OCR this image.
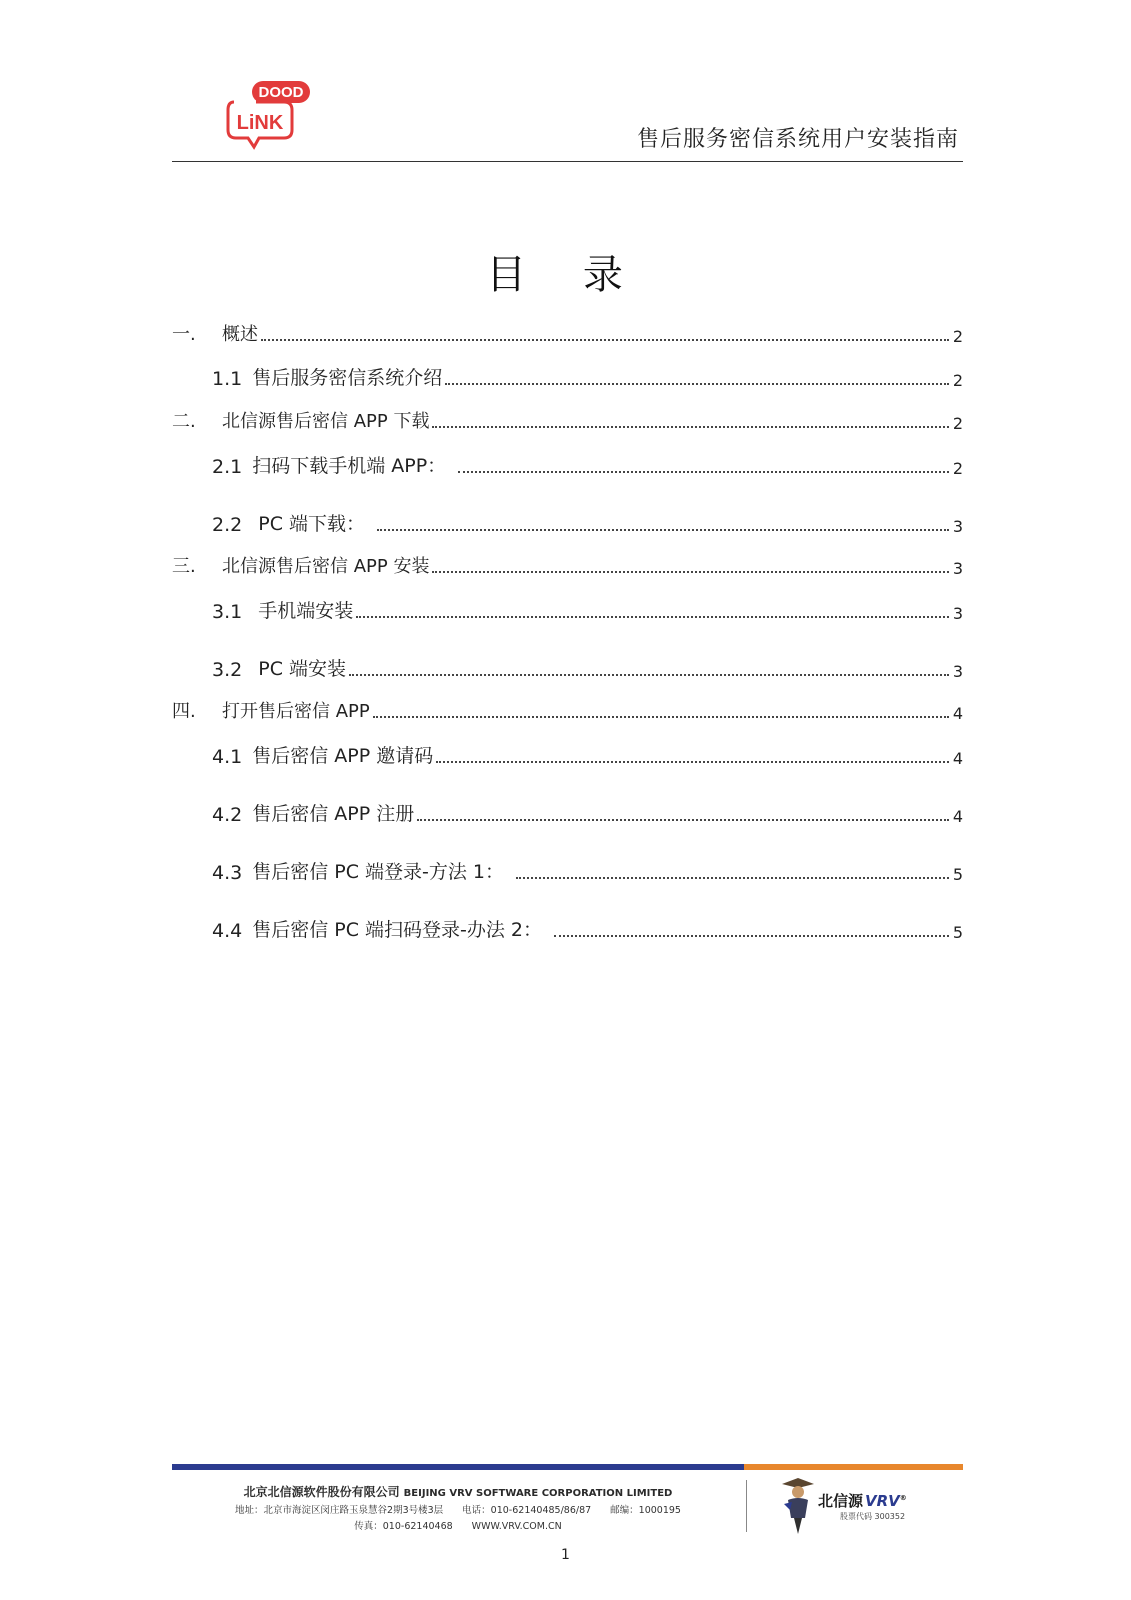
DOOD
LiNK
售后服务密信系统用户安装指南
目 录
一.	概述	2
1.1 售后服务密信系统介绍	2
二.	北信源售后密信 APP 下载	2
2.1 扫码下载手机端 APP：	2
2.2 PC 端下载：	3
三.	北信源售后密信 APP 安装	3
3.1 手机端安装	3
3.2 PC 端安装	3
四.	打开售后密信 APP	4
4.1 售后密信 APP 邀请码	4
4.2 售后密信 APP 注册	4
4.3 售后密信 PC 端登录-方法 1：	5
4.4 售后密信 PC 端扫码登录-办法 2：	5
北京北信源软件股份有限公司 BEIJING VRV SOFTWARE CORPORATION LIMITED
地址：北京市海淀区闵庄路玉泉慧谷2期3号楼3层　　电话：010-62140485/86/87　　邮编：1000195
传真：010-62140468　　WWW.VRV.COM.CN
北信源 VRV®
股票代码 300352
1
